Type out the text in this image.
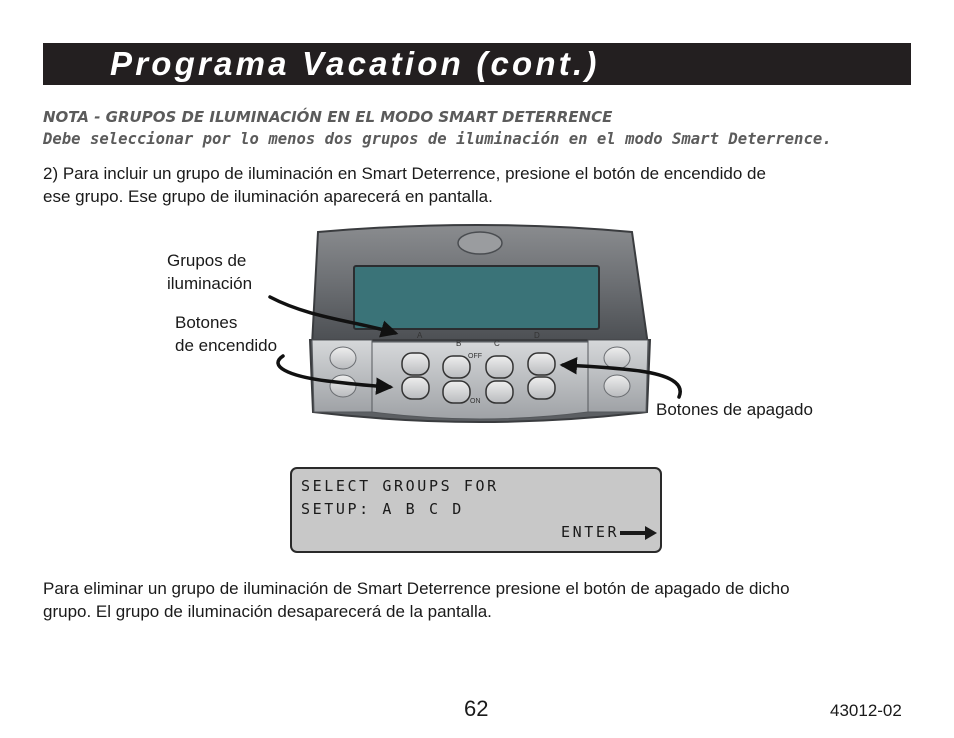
Programa Vacation (cont.)
NOTA - GRUPOS DE ILUMINACIÓN EN EL MODO SMART DETERRENCE
Debe seleccionar por lo menos dos grupos de iluminación en el modo Smart Deterrence.
2) Para incluir un grupo de iluminación en Smart Deterrence, presione el botón de encendido de
ese grupo. Ese grupo de iluminación aparecerá en pantalla.
A
B	C
D
OFF
ON
Grupos de
iluminación
Botones
de encendido
Botones de apagado
SELECT GROUPS FOR
SETUP: A B C D
ENTER
Para eliminar un grupo de iluminación de Smart Deterrence presione el botón de apagado de dicho
grupo. El grupo de iluminación desaparecerá de la pantalla.
62	43012-02
